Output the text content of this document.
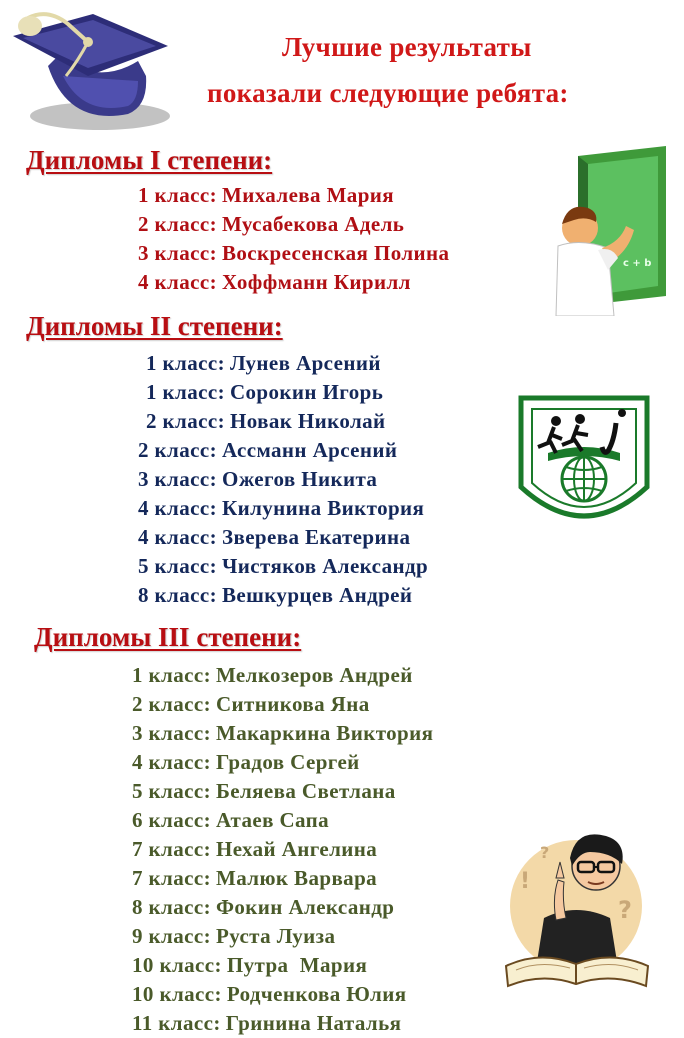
Лучшие результаты
показали следующие ребята:
Дипломы I степени:
1 класс: Михалева Мария
2 класс: Мусабекова Адель
3 класс: Воскресенская Полина
4 класс: Хоффманн Кирилл
c + b
Дипломы II степени:
1 класс: Лунев Арсений
1 класс: Сорокин Игорь
2 класс: Новак Николай
2 класс: Ассманн Арсений
3 класс: Ожегов Никита
4 класс: Килунина Виктория
4 класс: Зверева Екатерина
5 класс: Чистяков Александр
8 класс: Вешкурцев Андрей
Дипломы III степени:
1 класс: Мелкозеров Андрей
2 класс: Ситникова Яна
3 класс: Макаркина Виктория
4 класс: Градов Сергей
5 класс: Беляева Светлана
6 класс: Атаев Сапа
7 класс: Нехай Ангелина
7 класс: Малюк Варвара
8 класс: Фокин Александр
9 класс: Руста Луиза
10 класс: Путра  Мария
10 класс: Родченкова Юлия
11 класс: Гринина Наталья
!
?
?
